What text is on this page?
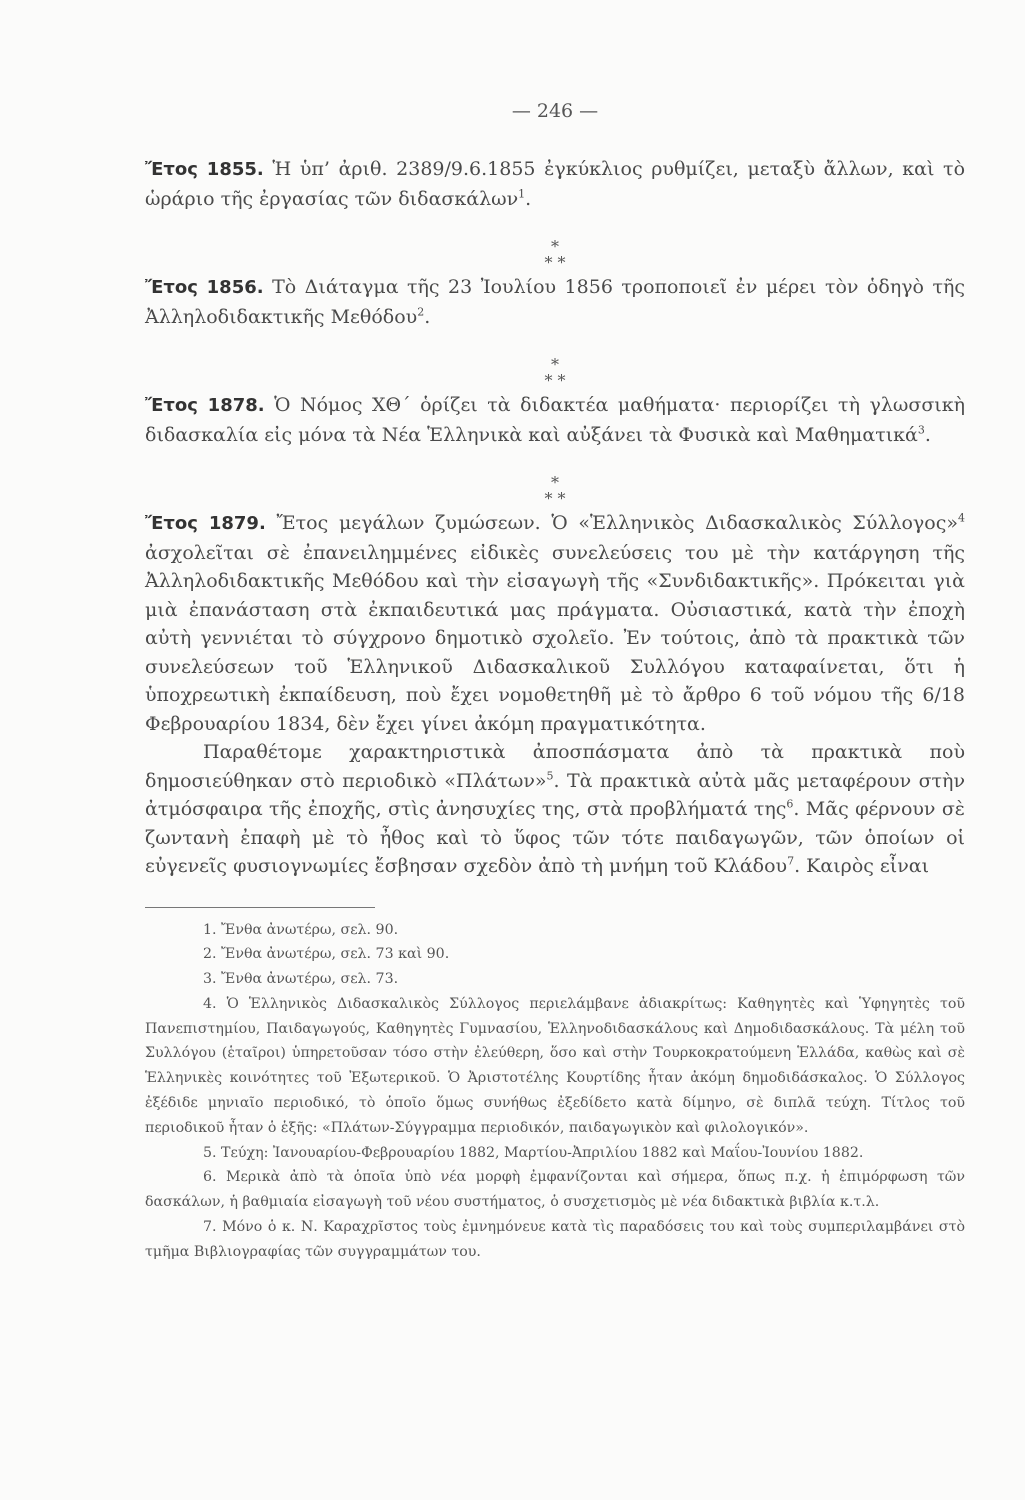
— 246 —

Ἔτος 1855. Ἡ ὑπ’ ἀριθ. 2389/9.6.1855 ἐγκύκλιος ρυθμίζει, μεταξὺ ἄλλων, καὶ τὸ ὡράριο τῆς ἐργασίας τῶν διδασκάλων$^1$.

*
* *

Ἔτος 1856. Τὸ Διάταγμα τῆς 23 Ἰουλίου 1856 τροποποιεῖ ἐν μέρει τὸν ὁδηγὸ τῆς Ἀλληλοδιδακτικῆς Μεθόδου$^2$.

*
* *

Ἔτος 1878. Ὁ Νόμος ΧΘ΄ ὁρίζει τὰ διδακτέα μαθήματα· περιορίζει τὴ γλωσσικὴ διδασκαλία εἰς μόνα τὰ Νέα Ἑλληνικὰ καὶ αὐξάνει τὰ Φυσικὰ καὶ Μαθηματικά$^3$.

*
* *

Ἔτος 1879. Ἔτος μεγάλων ζυμώσεων. Ὁ «Ἑλληνικὸς Διδασκαλικὸς Σύλλογος»$^4$ ἀσχολεῖται σὲ ἐπανειλημμένες εἰδικὲς συνελεύσεις του μὲ τὴν κατάργηση τῆς Ἀλληλοδιδακτικῆς Μεθόδου καὶ τὴν εἰσαγωγὴ τῆς «Συνδιδακτικῆς». Πρόκειται γιὰ μιὰ ἐπανάσταση στὰ ἐκπαιδευτικά μας πράγματα. Οὐσιαστικά, κατὰ τὴν ἐποχὴ αὐτὴ γεννιέται τὸ σύγχρονο δημοτικὸ σχολεῖο. Ἐν τούτοις, ἀπὸ τὰ πρακτικὰ τῶν συνελεύσεων τοῦ Ἑλληνικοῦ Διδασκαλικοῦ Συλλόγου καταφαίνεται, ὅτι ἡ ὑποχρεωτικὴ ἐκπαίδευση, ποὺ ἔχει νομοθετηθῆ μὲ τὸ ἄρθρο 6 τοῦ νόμου τῆς 6/18 Φεβρουαρίου 1834, δὲν ἔχει γίνει ἀκόμη πραγματικότητα.

Παραθέτομε χαρακτηριστικὰ ἀποσπάσματα ἀπὸ τὰ πρακτικὰ ποὺ δημοσιεύθηκαν στὸ περιοδικὸ «Πλάτων»$^5$. Τὰ πρακτικὰ αὐτὰ μᾶς μεταφέρουν στὴν ἀτμόσφαιρα τῆς ἐποχῆς, στὶς ἀνησυχίες της, στὰ προβλήματά της$^6$. Μᾶς φέρνουν σὲ ζωντανὴ ἐπαφὴ μὲ τὸ ἦθος καὶ τὸ ὕφος τῶν τότε παιδαγωγῶν, τῶν ὁποίων οἱ εὐγενεῖς φυσιογνωμίες ἔσβησαν σχεδὸν ἀπὸ τὴ μνήμη τοῦ Κλάδου$^7$. Καιρὸς εἶναι

1. Ἔνθα ἀνωτέρω, σελ. 90.

2. Ἔνθα ἀνωτέρω, σελ. 73 καὶ 90.

3. Ἔνθα ἀνωτέρω, σελ. 73.

4. Ὁ Ἑλληνικὸς Διδασκαλικὸς Σύλλογος περιελάμβανε ἀδιακρίτως: Καθηγητὲς καὶ Ὑφηγητὲς τοῦ Πανεπιστημίου, Παιδαγωγούς, Καθηγητὲς Γυμνασίου, Ἑλληνοδιδασκάλους καὶ Δημοδιδασκάλους. Τὰ μέλη τοῦ Συλλόγου (ἑταῖροι) ὑπηρετοῦσαν τόσο στὴν ἐλεύθερη, ὅσο καὶ στὴν Τουρκοκρατούμενη Ἑλλάδα, καθὼς καὶ σὲ Ἑλληνικὲς κοινότητες τοῦ Ἐξωτερικοῦ. Ὁ Ἀριστοτέλης Κουρτίδης ἦταν ἀκόμη δημοδιδάσκαλος. Ὁ Σύλλογος ἐξέδιδε μηνιαῖο περιοδικό, τὸ ὁποῖο ὅμως συνήθως ἐξεδίδετο κατὰ δίμηνο, σὲ διπλᾶ τεύχη. Τίτλος τοῦ περιοδικοῦ ἦταν ὁ ἑξῆς: «Πλάτων-Σύγγραμμα περιοδικόν, παιδαγωγικὸν καὶ φιλολογικόν».

5. Τεύχη: Ἰανουαρίου-Φεβρουαρίου 1882, Μαρτίου-Ἀπριλίου 1882 καὶ Μαΐου-Ἰουνίου 1882.

6. Μερικὰ ἀπὸ τὰ ὁποῖα ὑπὸ νέα μορφὴ ἐμφανίζονται καὶ σήμερα, ὅπως π.χ. ἡ ἐπιμόρφωση τῶν δασκάλων, ἡ βαθμιαία εἰσαγωγὴ τοῦ νέου συστήματος, ὁ συσχετισμὸς μὲ νέα διδακτικὰ βιβλία κ.τ.λ.

7. Μόνο ὁ κ. Ν. Καραχρῖστος τοὺς ἐμνημόνευε κατὰ τὶς παραδόσεις του καὶ τοὺς συμπεριλαμβάνει στὸ τμῆμα Βιβλιογραφίας τῶν συγγραμμάτων του.
